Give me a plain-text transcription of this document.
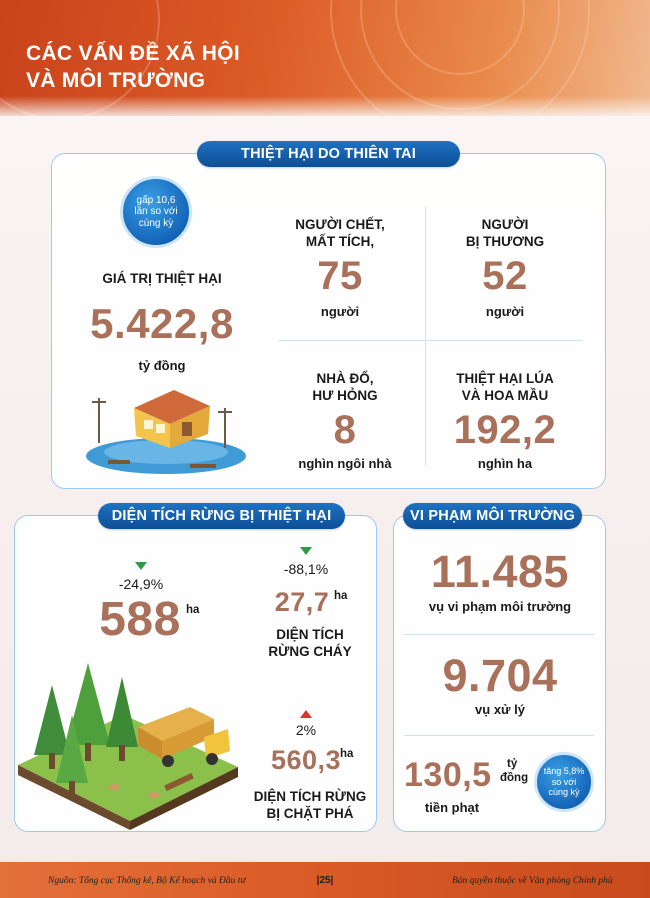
CÁC VẤN ĐỀ XÃ HỘI
VÀ MÔI TRƯỜNG
THIỆT HẠI DO THIÊN TAI
gấp 10,6
lần so với
cùng kỳ
GIÁ TRỊ THIỆT HẠI
5.422,8
tỷ đồng
NGƯỜI CHẾT,
MẤT TÍCH,
75
người
NGƯỜI
BỊ THƯƠNG
52
người
NHÀ ĐỔ,
HƯ HỎNG
8
nghìn ngôi nhà
THIỆT HẠI LÚA
VÀ HOA MẦU
192,2
nghìn ha
DIỆN TÍCH RỪNG BỊ THIỆT HẠI
-24,9%
588 ha
-88,1%
27,7 ha
DIỆN TÍCH
RỪNG CHÁY
2%
560,3
ha
DIỆN TÍCH RỪNG
BỊ CHẶT PHÁ
VI PHẠM MÔI TRƯỜNG
11.485
vụ vi phạm môi trường
9.704
vụ xử lý
130,5	tỷ
đồng
tiền phạt
tăng 5,8%
so với
cùng kỳ
Nguồn: Tổng cục Thống kê, Bộ Kế hoạch và Đầu tư	|25|	Bản quyền thuộc về Văn phòng Chính phủ
